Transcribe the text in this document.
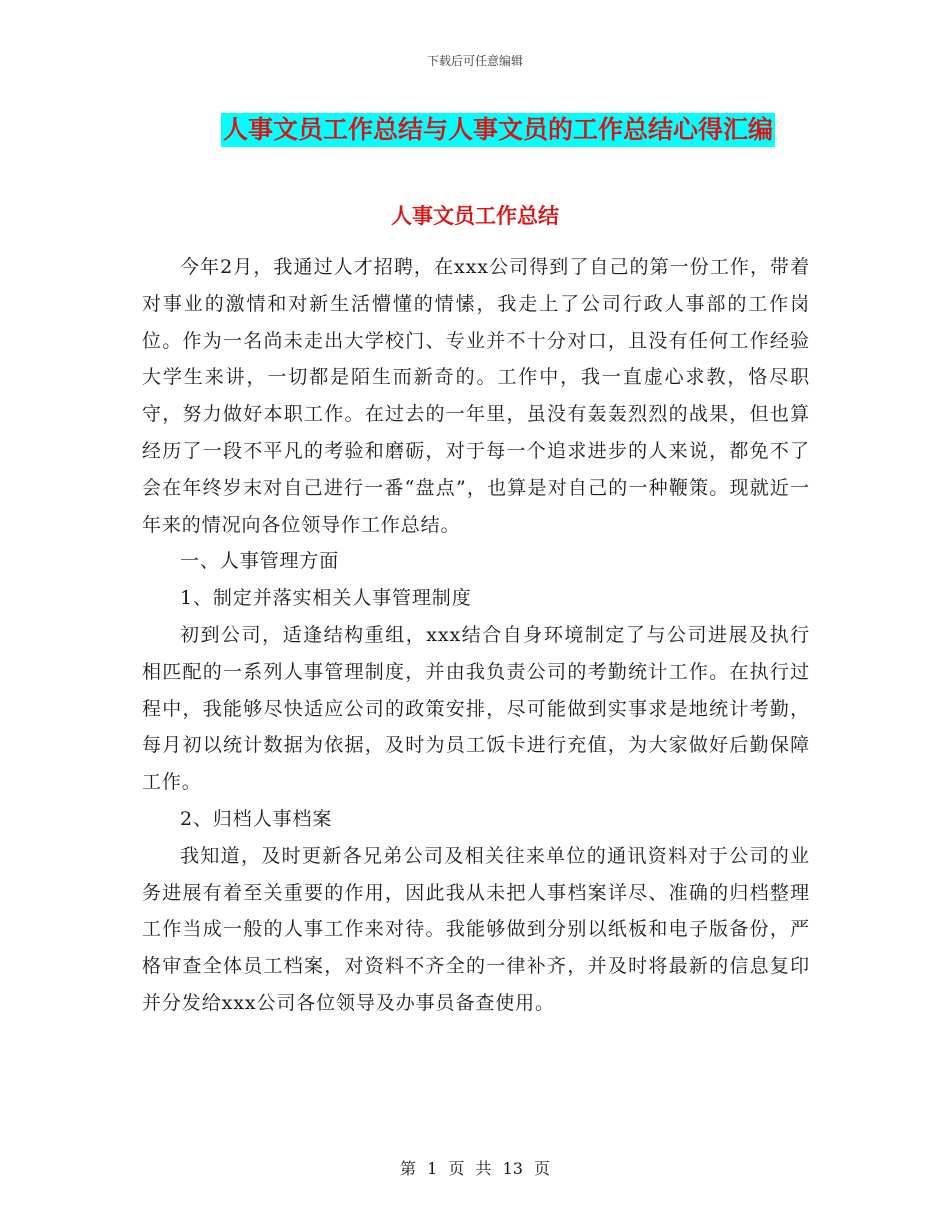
下载后可任意编辑
人事文员工作总结与人事文员的工作总结心得汇编
人事文员工作总结

今年2月，我通过人才招聘，在xxx公司得到了自己的第一份工作，带着对事业的激情和对新生活懵懂的情愫，我走上了公司行政人事部的工作岗位。作为一名尚未走出大学校门、专业并不十分对口，且没有任何工作经验大学生来讲，一切都是陌生而新奇的。工作中，我一直虚心求教，恪尽职守，努力做好本职工作。在过去的一年里，虽没有轰轰烈烈的战果，但也算经历了一段不平凡的考验和磨砺，对于每一个追求进步的人来说，都免不了会在年终岁末对自己进行一番“盘点”，也算是对自己的一种鞭策。现就近一年来的情况向各位领导作工作总结。

一、人事管理方面

1、制定并落实相关人事管理制度

初到公司，适逢结构重组，xxx结合自身环境制定了与公司进展及执行相匹配的一系列人事管理制度，并由我负责公司的考勤统计工作。在执行过程中，我能够尽快适应公司的政策安排，尽可能做到实事求是地统计考勤，每月初以统计数据为依据，及时为员工饭卡进行充值，为大家做好后勤保障工作。

2、归档人事档案

我知道，及时更新各兄弟公司及相关往来单位的通讯资料对于公司的业务进展有着至关重要的作用，因此我从未把人事档案详尽、准确的归档整理工作当成一般的人事工作来对待。我能够做到分别以纸板和电子版备份，严格审查全体员工档案，对资料不齐全的一律补齐，并及时将最新的信息复印并分发给xxx公司各位领导及办事员备查使用。

第 1 页 共 13 页
